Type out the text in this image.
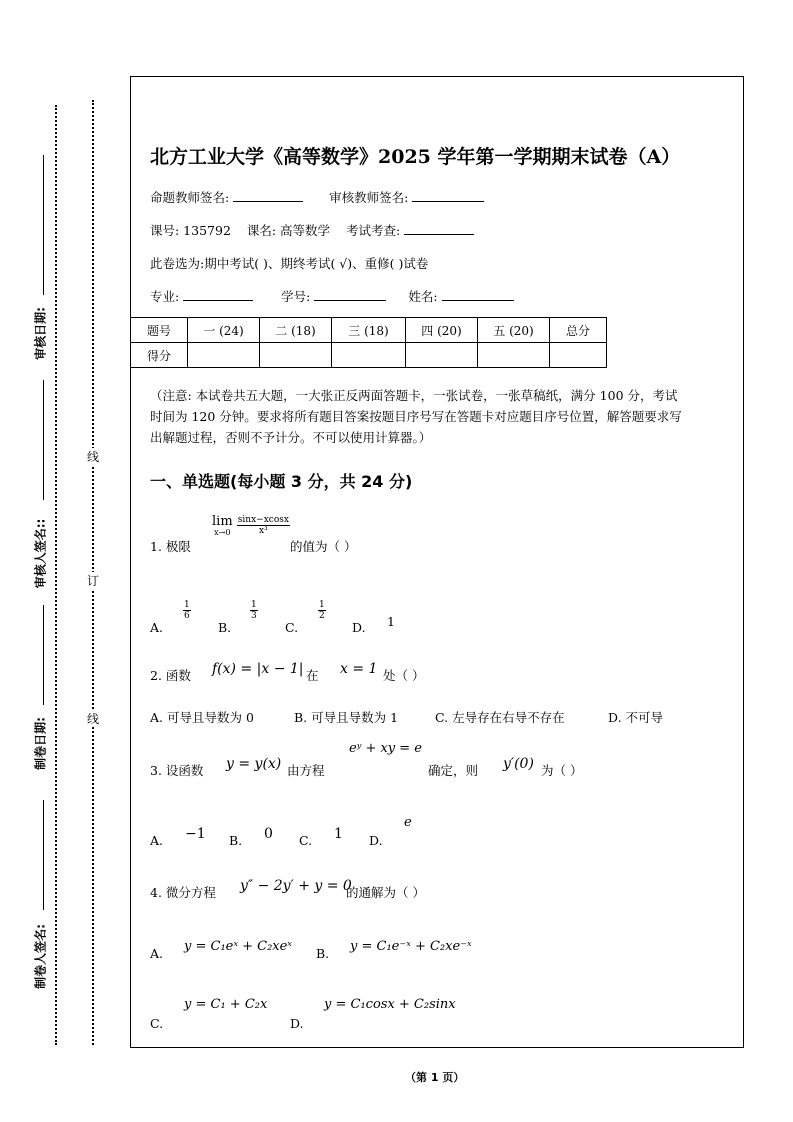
审核日期:
审核人签名::
制卷日期:
制卷人签名:
线
订
线
北方工业大学《高等数学》2025 学年第一学期期末试卷（A）
命题教师签名:	审核教师签名:
课号: 135792 课名: 高等数学 考试考查:
此卷选为:期中考试( )、期终考试( √)、重修( )试卷
专业:	学号:	姓名:
题号	一 (24)	二 (18)	三 (18)	四 (20)	五 (20)	总分
得分						
（注意: 本试卷共五大题，一大张正反两面答题卡，一张试卷，一张草稿纸，满分 100 分，考试
时间为 120 分钟。要求将所有题目答案按题目序号写在答题卡对应题目序号位置，解答题要求写
出解题过程，否则不予计分。不可以使用计算器。）
一、单选题(每小题 3 分，共 24 分)
1. 极限
lim
x→0
$\frac{\sin x-xcosx}{\text{x³}}$
的值为（ ）
A.
$\frac{1}{6}$
B.
$\frac{1}{3}$
C.
$\frac{1}{2}$
D. 1
2. 函数 f(x) = |x − 1| 在 x = 1 处（ ）
A. 可导且导数为 0	B. 可导且导数为 1	C. 左导存在右导不存在	D. 不可导
3. 设函数 y = y(x) 由方程
eʸ + xy = e
确定，则 y′(0) 为（ ）
A. −1 B. 0 C. 1 D.
e
4. 微分方程 y″ − 2y′ + y = 0
的通解为（ ）
A. y = C₁eˣ + C₂xeˣ B. y = C₁e⁻ˣ + C₂xe⁻ˣ
y = C₁ + C₂x
C.
y = C₁cosx + C₂sinx
D.
（第 1 页）
